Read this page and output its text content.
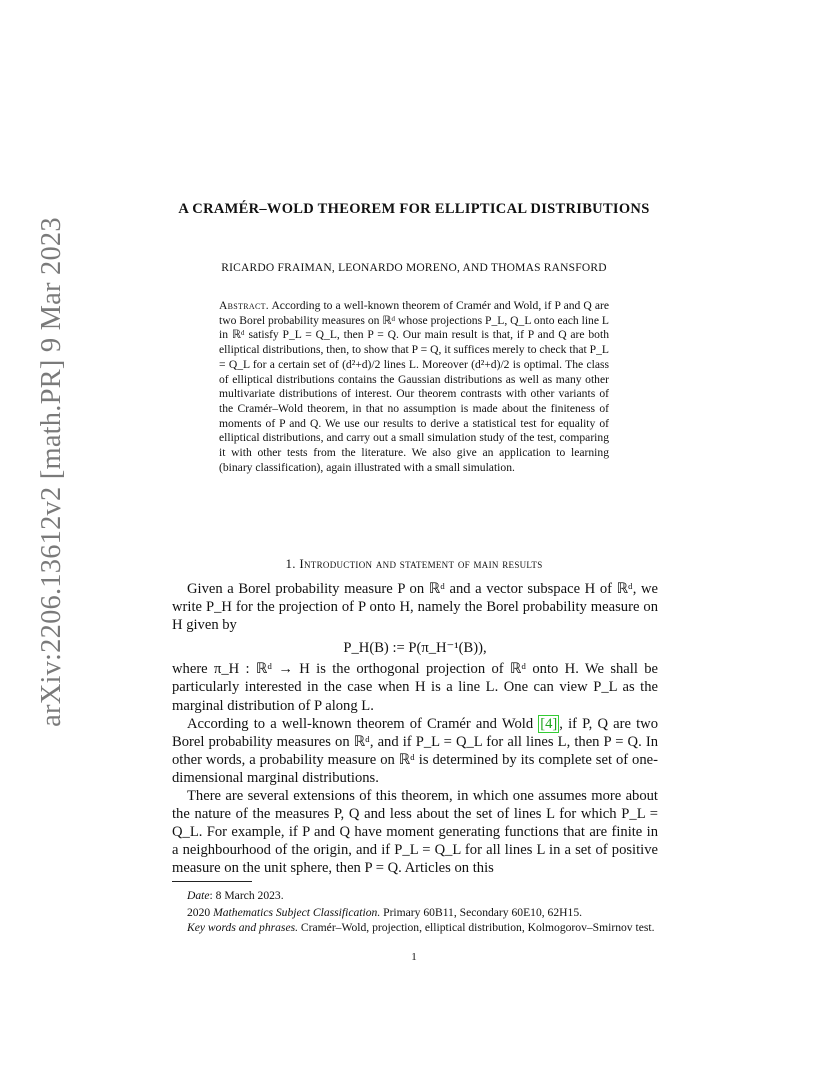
arXiv:2206.13612v2 [math.PR] 9 Mar 2023
A CRAMÉR–WOLD THEOREM FOR ELLIPTICAL DISTRIBUTIONS
RICARDO FRAIMAN, LEONARDO MORENO, AND THOMAS RANSFORD
Abstract. According to a well-known theorem of Cramér and Wold, if P and Q are two Borel probability measures on ℝᵈ whose projections P_L, Q_L onto each line L in ℝᵈ satisfy P_L = Q_L, then P = Q. Our main result is that, if P and Q are both elliptical distributions, then, to show that P = Q, it suffices merely to check that P_L = Q_L for a certain set of (d²+d)/2 lines L. Moreover (d²+d)/2 is optimal. The class of elliptical distributions contains the Gaussian distributions as well as many other multivariate distributions of interest. Our theorem contrasts with other variants of the Cramér–Wold theorem, in that no assumption is made about the finiteness of moments of P and Q. We use our results to derive a statistical test for equality of elliptical distributions, and carry out a small simulation study of the test, comparing it with other tests from the literature. We also give an application to learning (binary classification), again illustrated with a small simulation.
1. Introduction and statement of main results

Given a Borel probability measure P on ℝᵈ and a vector subspace H of ℝᵈ, we write P_H for the projection of P onto H, namely the Borel probability measure on H given by

P_H(B) := P(π_H⁻¹(B)),

where π_H : ℝᵈ → H is the orthogonal projection of ℝᵈ onto H. We shall be particularly interested in the case when H is a line L. One can view P_L as the marginal distribution of P along L.

According to a well-known theorem of Cramér and Wold [4] , if P, Q are two Borel probability measures on ℝᵈ, and if P_L = Q_L for all lines L, then P = Q. In other words, a probability measure on ℝᵈ is determined by its complete set of one-dimensional marginal distributions.

There are several extensions of this theorem, in which one assumes more about the nature of the measures P, Q and less about the set of lines L for which P_L = Q_L. For example, if P and Q have moment generating functions that are finite in a neighbourhood of the origin, and if P_L = Q_L for all lines L in a set of positive measure on the unit sphere, then P = Q. Articles on this

Date: 8 March 2023.
2020 Mathematics Subject Classification. Primary 60B11, Secondary 60E10, 62H15.
Key words and phrases. Cramér–Wold, projection, elliptical distribution, Kolmogorov–Smirnov test.
1
